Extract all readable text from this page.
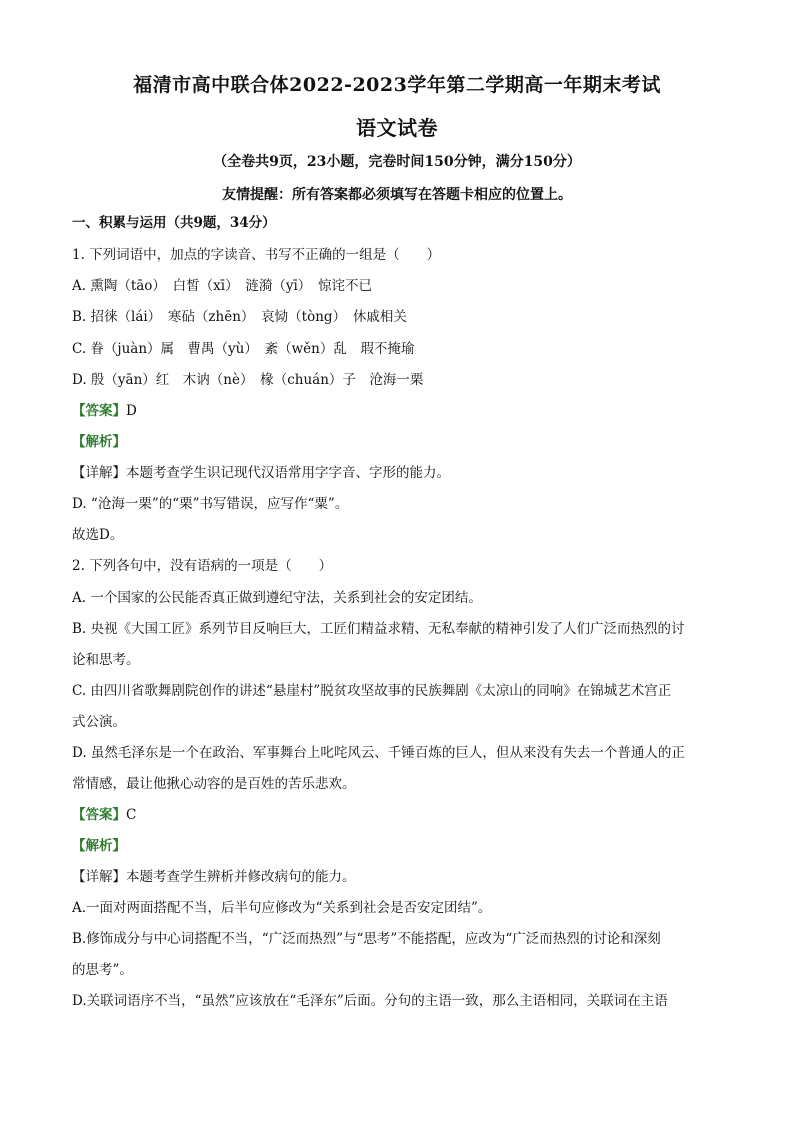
福清市高中联合体2022-2023学年第二学期高一年期末考试
语文试卷
（全卷共9页，23小题，完卷时间150分钟，满分150分）
友情提醒：所有答案都必须填写在答题卡相应的位置上。
一、积累与运用（共9题，34分）
1. 下列词语中，加点的字读音、书写不正确的一组是（　　）
A. 熏陶（tāo）　白皙（xī）　涟漪（yī）　惊诧不已
B. 招徕（lái）　寒砧（zhēn）　哀恸（tòng）　休戚相关
C. 眷（juàn）属　曹禺（yù）　紊（wěn）乱　瑕不掩瑜
D. 殷（yān）红　木讷（nè）　椽（chuán）子　沧海一栗
【答案】D
【解析】
【详解】本题考查学生识记现代汉语常用字字音、字形的能力。
D. “沧海一栗”的“栗”书写错误，应写作“粟”。
故选D。
2. 下列各句中，没有语病的一项是（　　）
A. 一个国家的公民能否真正做到遵纪守法，关系到社会的安定团结。
B. 央视《大国工匠》系列节目反响巨大，工匠们精益求精、无私奉献的精神引发了人们广泛而热烈的讨
论和思考。
C. 由四川省歌舞剧院创作的讲述“悬崖村”脱贫攻坚故事的民族舞剧《太凉山的同响》在锦城艺术宫正
式公演。
D. 虽然毛泽东是一个在政治、军事舞台上叱咤风云、千锤百炼的巨人，但从来没有失去一个普通人的正
常情感，最让他揪心动容的是百姓的苦乐悲欢。
【答案】C
【解析】
【详解】本题考查学生辨析并修改病句的能力。
A.一面对两面搭配不当，后半句应修改为“关系到社会是否安定团结”。
B.修饰成分与中心词搭配不当，“广泛而热烈”与“思考”不能搭配，应改为“广泛而热烈的讨论和深刻
的思考”。
D.关联词语序不当，“虽然”应该放在“毛泽东”后面。分句的主语一致，那么主语相同，关联词在主语
